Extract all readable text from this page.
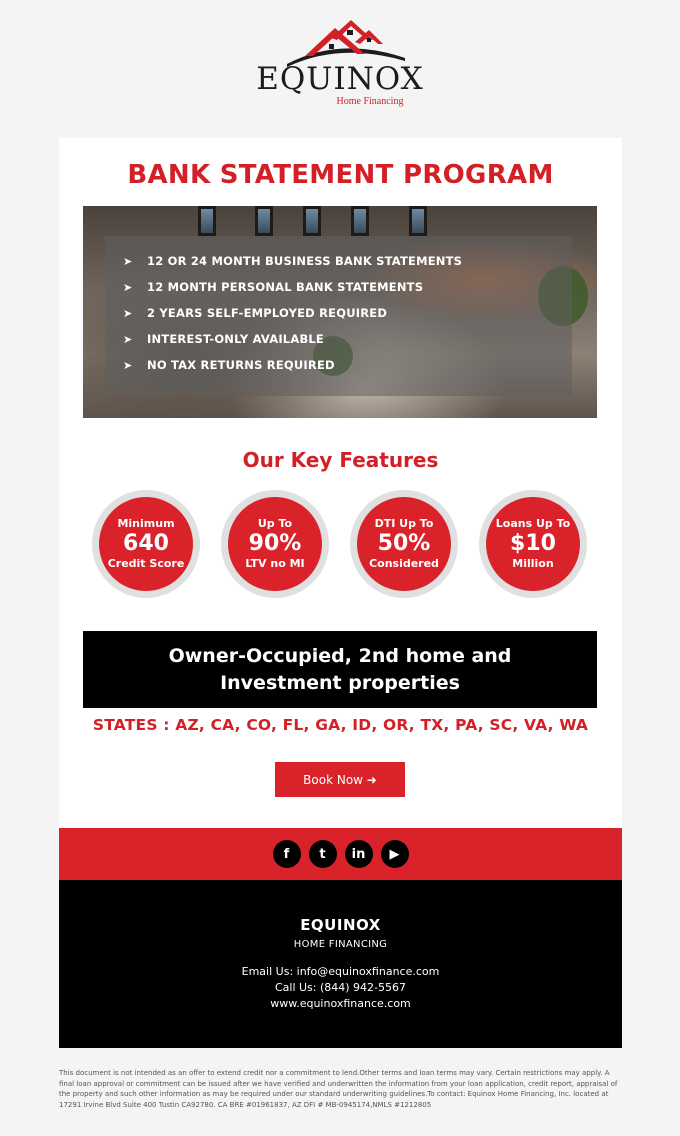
EQUINOX
Home Financing
BANK STATEMENT PROGRAM
➤	12 OR 24 MONTH BUSINESS BANK STATEMENTS
➤	12 MONTH PERSONAL BANK STATEMENTS
➤	2 YEARS SELF-EMPLOYED REQUIRED
➤	INTEREST-ONLY AVAILABLE
➤	NO TAX RETURNS REQUIRED
Our Key Features
Minimum
640
Credit Score
Up To
90%
LTV no MI
DTI Up To
50%
Considered
Loans Up To
$10
Million
Owner-Occupied, 2nd home and
Investment properties
STATES : AZ, CA, CO, FL, GA, ID, OR, TX, PA, SC, VA, WA
Book Now ➜
f	t	in	▶
EQUINOX
HOME FINANCING
Email Us: info@equinoxfinance.com
Call Us: (844) 942-5567
www.equinoxfinance.com
This document is not intended as an offer to extend credit nor a commitment to lend.Other terms and loan terms may vary. Certain restrictions may apply. A final loan approval or commitment can be issued after we have verified and underwritten the information from your loan application, credit report, appraisal of the property and such other information as may be required under our standard underwriting guidelines.To contact: Equinox Home Financing, Inc. located at 17291 Irvine Blvd Suite 400 Tustin CA92780. CA BRE #01961837, AZ DFI # MB-0945174,NMLS #1212805
